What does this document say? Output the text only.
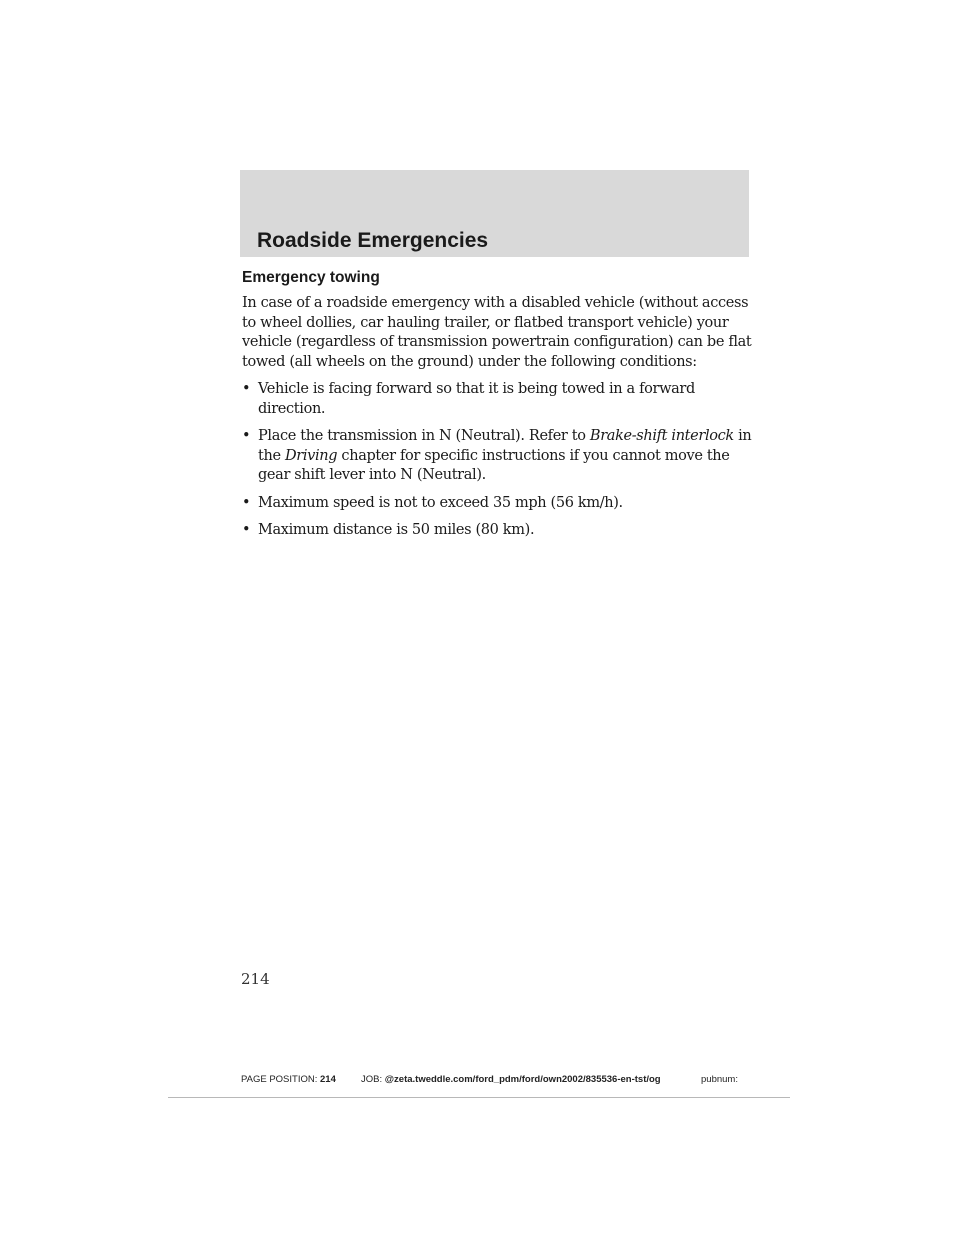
Roadside Emergencies
Emergency towing

In case of a roadside emergency with a disabled vehicle (without access to wheel dollies, car hauling trailer, or flatbed transport vehicle) your vehicle (regardless of transmission powertrain configuration) can be flat towed (all wheels on the ground) under the following conditions:

• Vehicle is facing forward so that it is being towed in a forward direction.
• Place the transmission in N (Neutral). Refer to Brake-shift interlock in the Driving chapter for specific instructions if you cannot move the gear shift lever into N (Neutral).
• Maximum speed is not to exceed 35 mph (56 km/h).
• Maximum distance is 50 miles (80 km).

214

PAGE POSITION: 214	JOB: @zeta.tweddle.com/ford_pdm/ford/own2002/835536-en-tst/og	pubnum:
